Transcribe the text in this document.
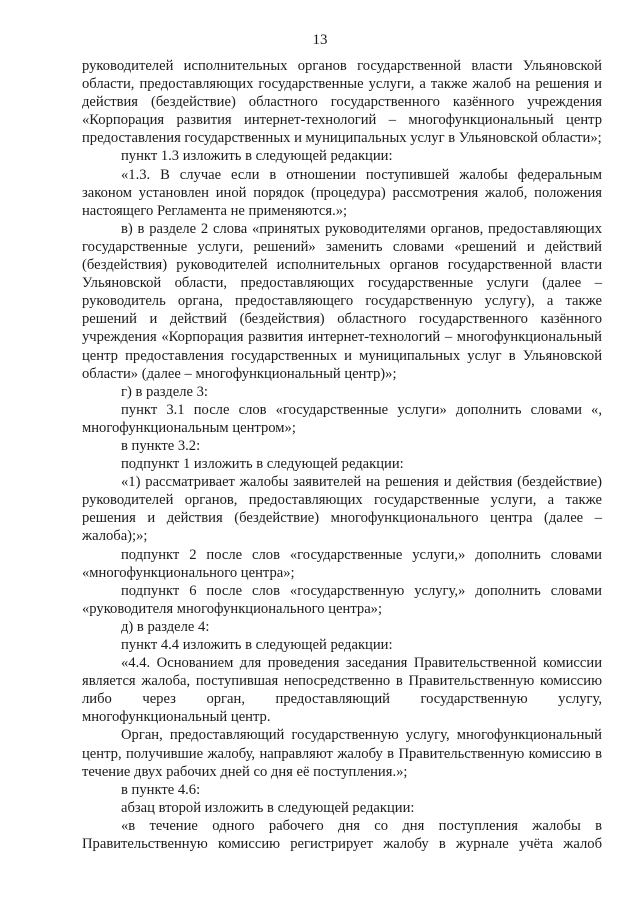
13

руководителей исполнительных органов государственной власти Ульяновской области, предоставляющих государственные услуги, а также жалоб на решения и действия (бездействие) областного государственного казённого учреждения «Корпорация развития интернет-технологий – многофункциональный центр предоставления государственных и муниципальных услуг в Ульяновской области»;

пункт 1.3 изложить в следующей редакции:

«1.3. В случае если в отношении поступившей жалобы федеральным законом установлен иной порядок (процедура) рассмотрения жалоб, положения настоящего Регламента не применяются.»;

в) в разделе 2 слова «принятых руководителями органов, предоставляющих государственные услуги, решений» заменить словами «решений и действий (бездействия) руководителей исполнительных органов государственной власти Ульяновской области, предоставляющих государственные услуги (далее – руководитель органа, предоставляющего государственную услугу), а также решений и действий (бездействия) областного государственного казённого учреждения «Корпорация развития интернет-технологий – многофункциональный центр предоставления государственных и муниципальных услуг в Ульяновской области» (далее – многофункциональный центр)»;

г) в разделе 3:

пункт 3.1 после слов «государственные услуги» дополнить словами «, многофункциональным центром»;

в пункте 3.2:

подпункт 1 изложить в следующей редакции:

«1) рассматривает жалобы заявителей на решения и действия (бездействие) руководителей органов, предоставляющих государственные услуги, а также решения и действия (бездействие) многофункционального центра (далее – жалоба);»;

подпункт 2 после слов «государственные услуги,» дополнить словами «многофункционального центра»;

подпункт 6 после слов «государственную услугу,» дополнить словами «руководителя многофункционального центра»;

д) в разделе 4:

пункт 4.4 изложить в следующей редакции:

«4.4. Основанием для проведения заседания Правительственной комиссии является жалоба, поступившая непосредственно в Правительственную комиссию либо через орган, предоставляющий государственную услугу, многофункциональный центр.

Орган, предоставляющий государственную услугу, многофункциональный центр, получившие жалобу, направляют жалобу в Правительственную комиссию в течение двух рабочих дней со дня её поступления.»;

в пункте 4.6:

абзац второй изложить в следующей редакции:

«в течение одного рабочего дня со дня поступления жалобы в Правительственную комиссию регистрирует жалобу в журнале учёта жалоб
